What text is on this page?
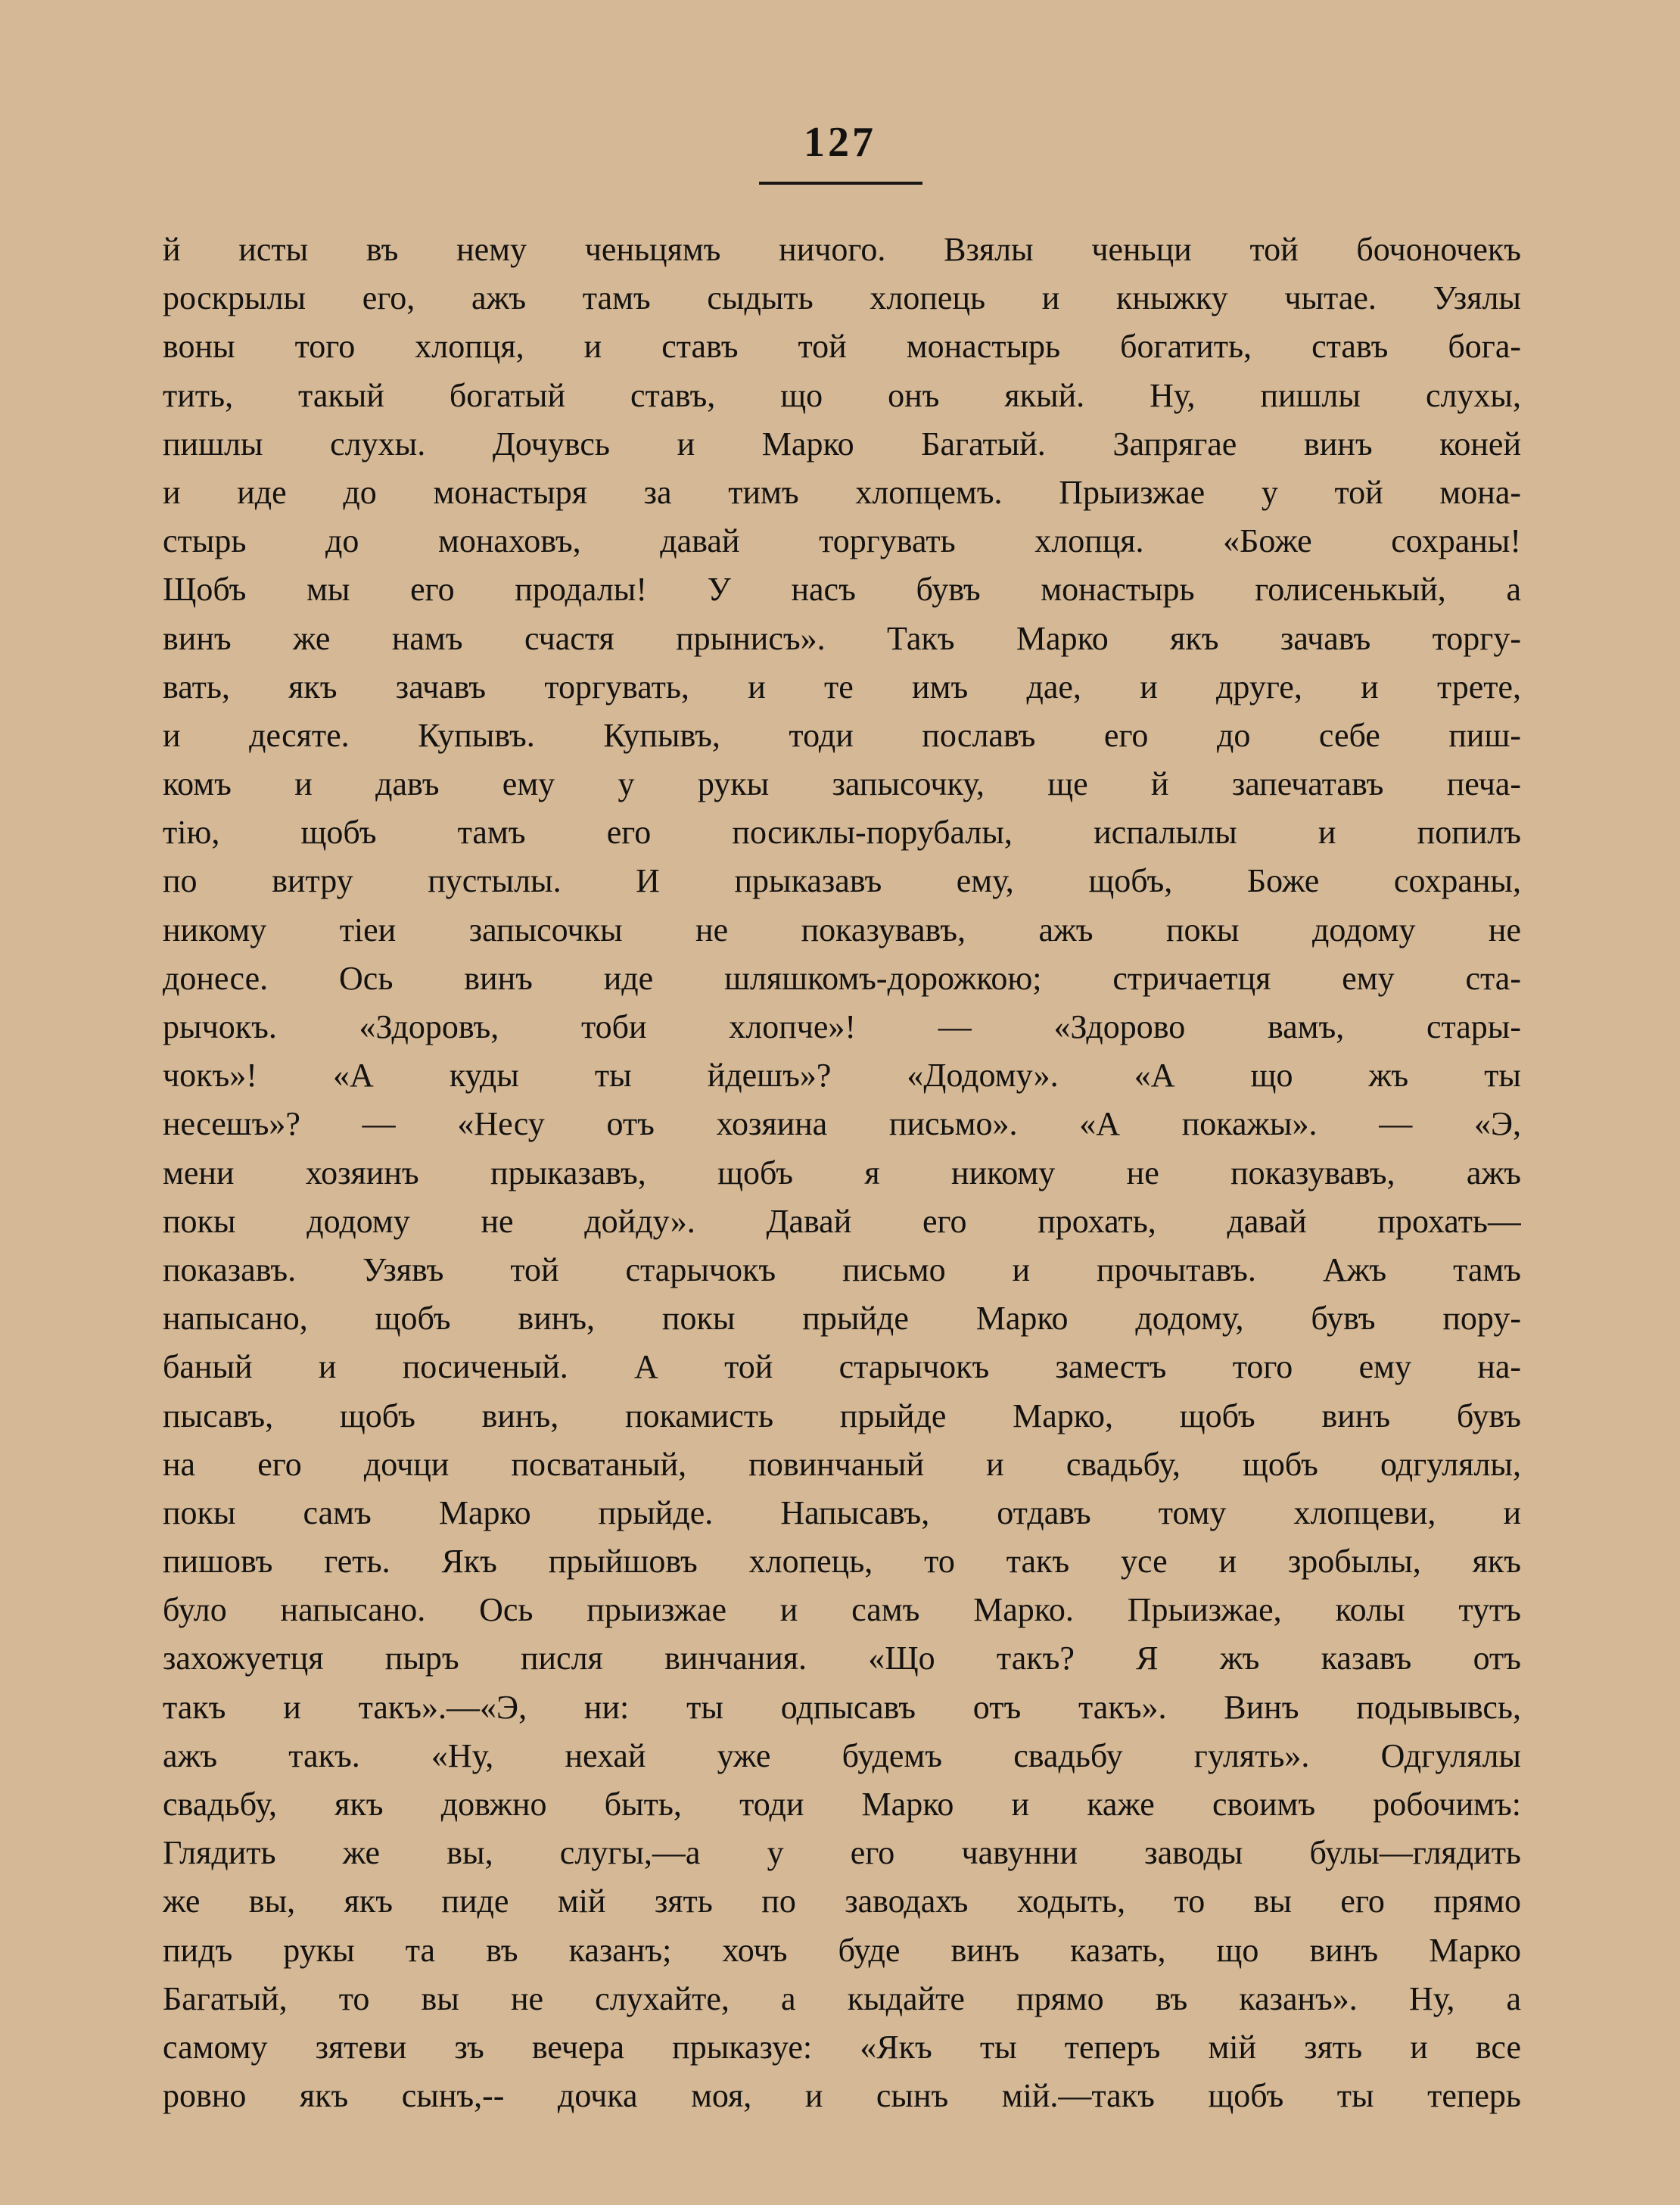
127
й исты въ нему ченьцямъ ничого. Взялы ченьци той бочоночекъ
роскрылы его, ажъ тамъ сыдыть хлопець и кныжку чытае. Узялы
воны того хлопця, и ставъ той монастырь богатить, ставъ бога-
тить, такый богатый ставъ, що онъ якый. Ну, пишлы слухы,
пишлы слухы. Дочувсь и Марко Багатый. Запрягае винъ коней
и иде до монастыря за тимъ хлопцемъ. Прыизжае у той мона-
стырь до монаховъ, давай торгувать хлопця. «Боже сохраны!
Щобъ мы его продалы! У насъ бувъ монастырь голисенькый, а
винъ же намъ счастя прынисъ». Такъ Марко якъ зачавъ торгу-
вать, якъ зачавъ торгувать, и те имъ дае, и друге, и трете,
и десяте. Купывъ. Купывъ, тоди пославъ его до себе пиш-
комъ и давъ ему у рукы запысочку, ще й запечатавъ печа-
тію, щобъ тамъ его посиклы-порубалы, испалылы и попилъ
по витру пустылы. И прыказавъ ему, щобъ, Боже сохраны,
никому тіеи запысочкы не показувавъ, ажъ покы додому не
донесе. Ось винъ иде шляшкомъ-дорожкою; стричаетця ему ста-
рычокъ. «Здоровъ, тоби хлопче»! — «Здорово вамъ, стары-
чокъ»! «А куды ты йдешъ»? «Додому». «А що жъ ты
несешъ»? — «Несу отъ хозяина письмо». «А покажы». — «Э,
мени хозяинъ прыказавъ, щобъ я никому не показувавъ, ажъ
покы додому не дойду». Давай его прохать, давай прохать—
показавъ. Узявъ той старычокъ письмо и прочытавъ. Ажъ тамъ
напысано, щобъ винъ, покы прыйде Марко додому, бувъ пору-
баный и посиченый. А той старычокъ заместъ того ему на-
пысавъ, щобъ винъ, покамисть прыйде Марко, щобъ винъ бувъ
на его дочци посватаный, повинчаный и свадьбу, щобъ одгулялы,
покы самъ Марко прыйде. Напысавъ, отдавъ тому хлопцеви, и
пишовъ геть. Якъ прыйшовъ хлопець, то такъ усе и зробылы, якъ
було напысано. Ось прыизжае и самъ Марко. Прыизжае, колы тутъ
захожуетця пыръ писля винчания. «Що такъ? Я жъ казавъ отъ
такъ и такъ».—«Э, ни: ты одпысавъ отъ такъ». Винъ подывывсь,
ажъ такъ. «Ну, нехай уже будемъ свадьбу гулять». Одгулялы
свадьбу, якъ довжно быть, тоди Марко и каже своимъ робочимъ:
Глядить же вы, слугы,—а у его чавунни заводы булы—глядить
же вы, якъ пиде мій зять по заводахъ ходыть, то вы его прямо
пидъ рукы та въ казанъ; хочъ буде винъ казать, що винъ Марко
Багатый, то вы не слухайте, а кыдайте прямо въ казанъ». Ну, а
самому зятеви зъ вечера прыказуе: «Якъ ты теперъ мій зять и все
ровно якъ сынъ,-- дочка моя, и сынъ мій.—такъ щобъ ты теперь
